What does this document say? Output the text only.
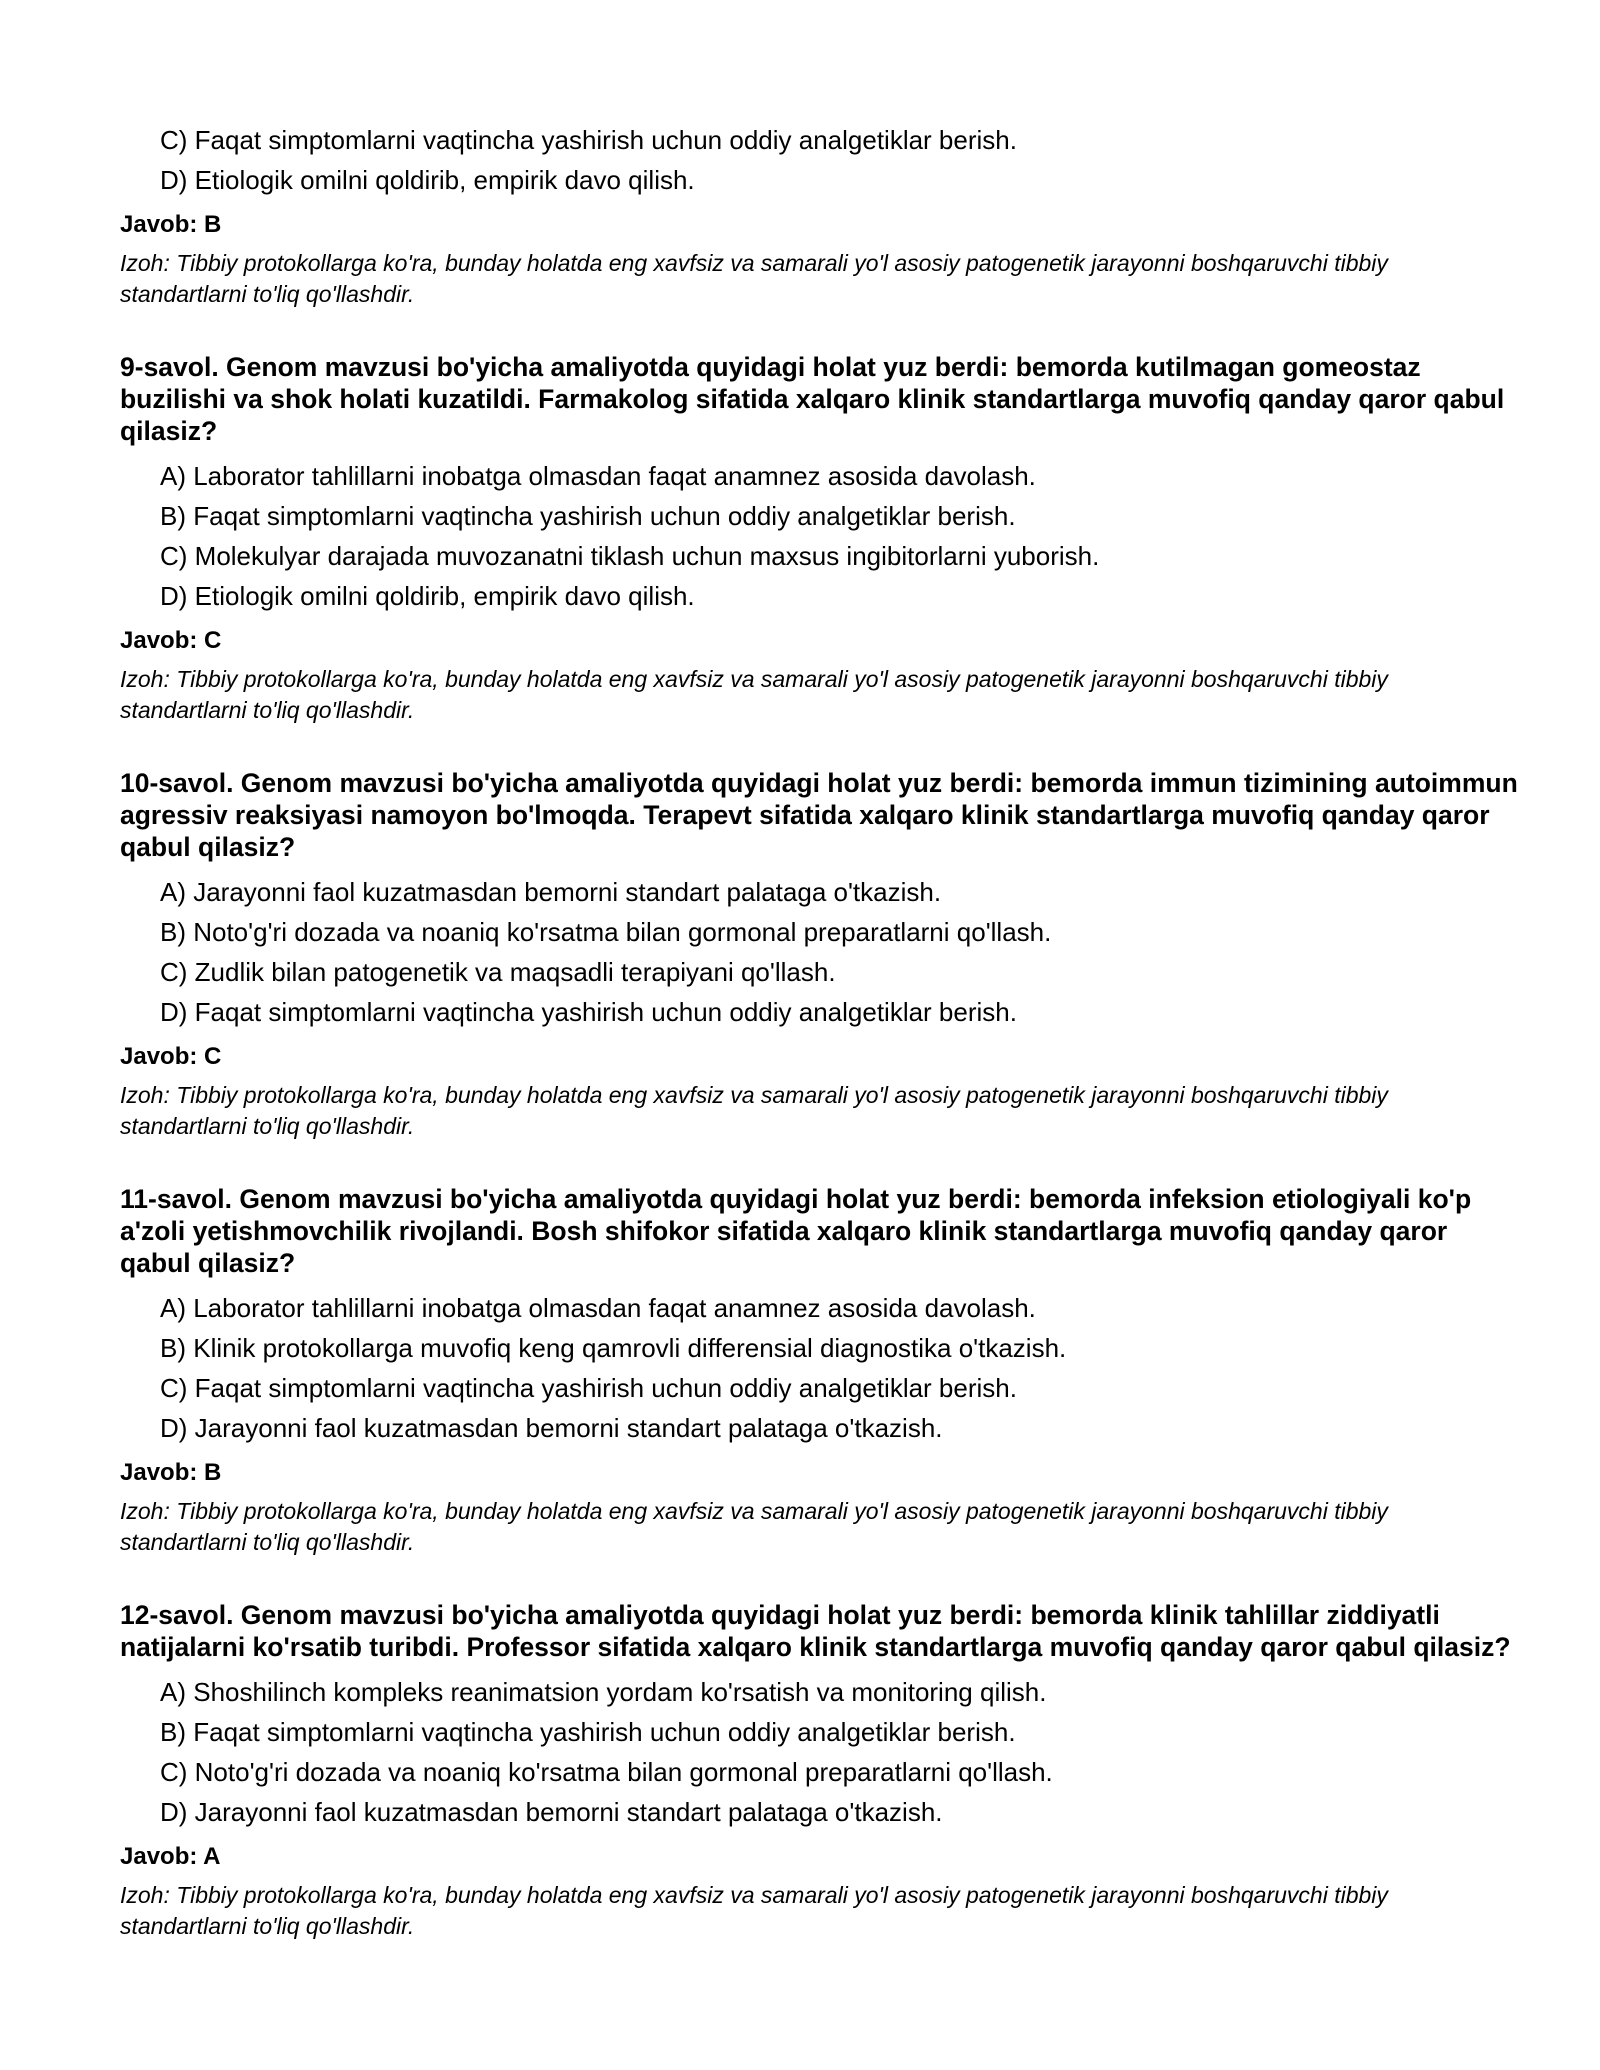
C) Faqat simptomlarni vaqtincha yashirish uchun oddiy analgetiklar berish.
D) Etiologik omilni qoldirib, empirik davo qilish.
Javob: B
Izoh: Tibbiy protokollarga ko'ra, bunday holatda eng xavfsiz va samarali yo'l asosiy patogenetik jarayonni boshqaruvchi tibbiy standartlarni to'liq qo'llashdir.
9-savol. Genom mavzusi bo'yicha amaliyotda quyidagi holat yuz berdi: bemorda kutilmagan gomeostaz buzilishi va shok holati kuzatildi. Farmakolog sifatida xalqaro klinik standartlarga muvofiq qanday qaror qabul qilasiz?
A) Laborator tahlillarni inobatga olmasdan faqat anamnez asosida davolash.
B) Faqat simptomlarni vaqtincha yashirish uchun oddiy analgetiklar berish.
C) Molekulyar darajada muvozanatni tiklash uchun maxsus ingibitorlarni yuborish.
D) Etiologik omilni qoldirib, empirik davo qilish.
Javob: C
Izoh: Tibbiy protokollarga ko'ra, bunday holatda eng xavfsiz va samarali yo'l asosiy patogenetik jarayonni boshqaruvchi tibbiy standartlarni to'liq qo'llashdir.
10-savol. Genom mavzusi bo'yicha amaliyotda quyidagi holat yuz berdi: bemorda immun tizimining autoimmun agressiv reaksiyasi namoyon bo'lmoqda. Terapevt sifatida xalqaro klinik standartlarga muvofiq qanday qaror qabul qilasiz?
A) Jarayonni faol kuzatmasdan bemorni standart palataga o'tkazish.
B) Noto'g'ri dozada va noaniq ko'rsatma bilan gormonal preparatlarni qo'llash.
C) Zudlik bilan patogenetik va maqsadli terapiyani qo'llash.
D) Faqat simptomlarni vaqtincha yashirish uchun oddiy analgetiklar berish.
Javob: C
Izoh: Tibbiy protokollarga ko'ra, bunday holatda eng xavfsiz va samarali yo'l asosiy patogenetik jarayonni boshqaruvchi tibbiy standartlarni to'liq qo'llashdir.
11-savol. Genom mavzusi bo'yicha amaliyotda quyidagi holat yuz berdi: bemorda infeksion etiologiyali ko'p a'zoli yetishmovchilik rivojlandi. Bosh shifokor sifatida xalqaro klinik standartlarga muvofiq qanday qaror qabul qilasiz?
A) Laborator tahlillarni inobatga olmasdan faqat anamnez asosida davolash.
B) Klinik protokollarga muvofiq keng qamrovli differensial diagnostika o'tkazish.
C) Faqat simptomlarni vaqtincha yashirish uchun oddiy analgetiklar berish.
D) Jarayonni faol kuzatmasdan bemorni standart palataga o'tkazish.
Javob: B
Izoh: Tibbiy protokollarga ko'ra, bunday holatda eng xavfsiz va samarali yo'l asosiy patogenetik jarayonni boshqaruvchi tibbiy standartlarni to'liq qo'llashdir.
12-savol. Genom mavzusi bo'yicha amaliyotda quyidagi holat yuz berdi: bemorda klinik tahlillar ziddiyatli natijalarni ko'rsatib turibdi. Professor sifatida xalqaro klinik standartlarga muvofiq qanday qaror qabul qilasiz?
A) Shoshilinch kompleks reanimatsion yordam ko'rsatish va monitoring qilish.
B) Faqat simptomlarni vaqtincha yashirish uchun oddiy analgetiklar berish.
C) Noto'g'ri dozada va noaniq ko'rsatma bilan gormonal preparatlarni qo'llash.
D) Jarayonni faol kuzatmasdan bemorni standart palataga o'tkazish.
Javob: A
Izoh: Tibbiy protokollarga ko'ra, bunday holatda eng xavfsiz va samarali yo'l asosiy patogenetik jarayonni boshqaruvchi tibbiy standartlarni to'liq qo'llashdir.
